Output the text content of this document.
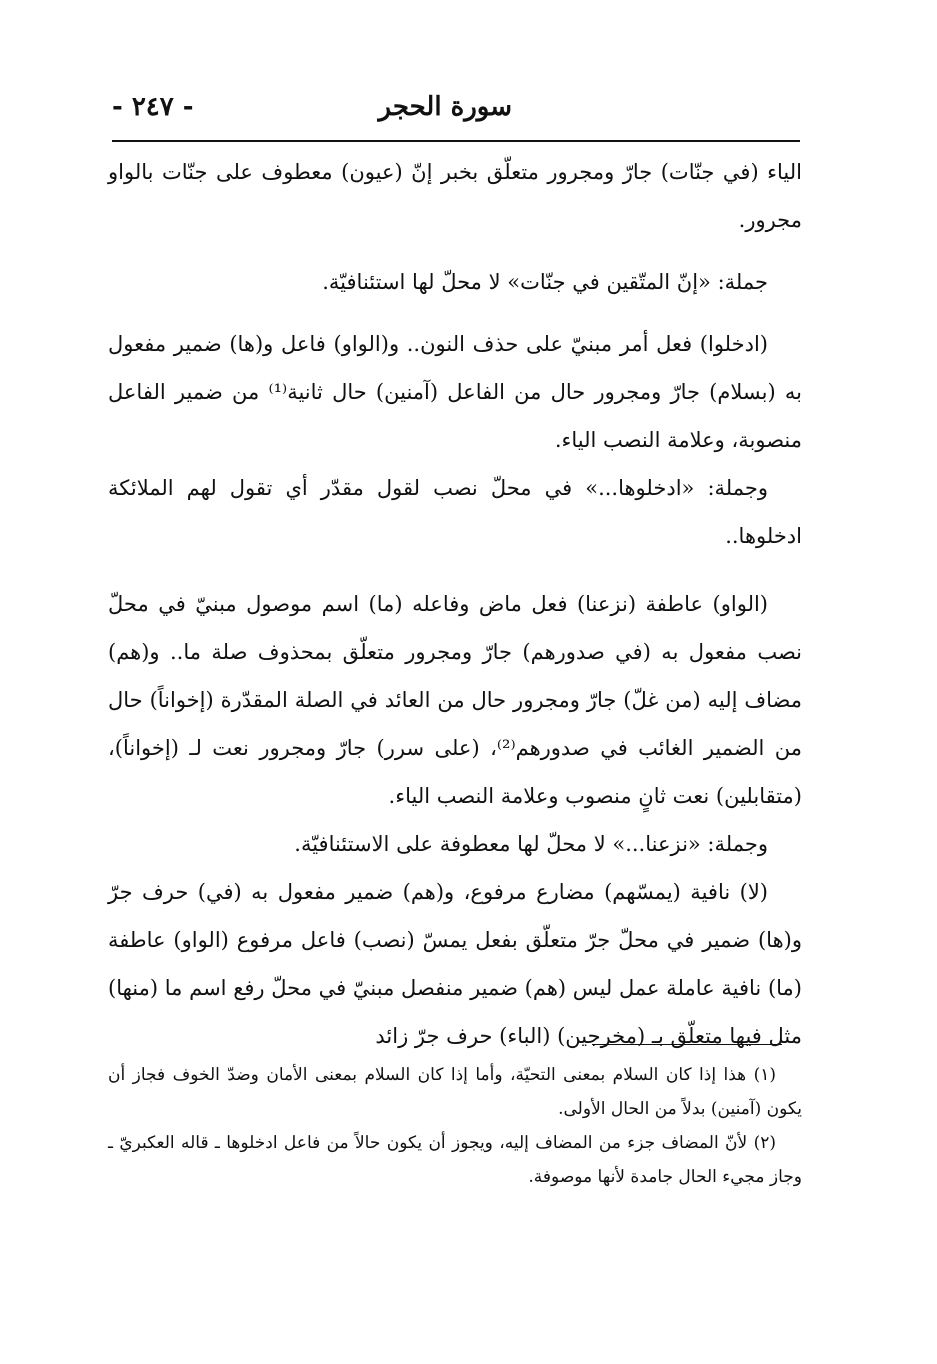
سورة الحجر
- ٢٤٧ -

الياء (في جنّات) جارّ ومجرور متعلّق بخبر إنّ (عيون) معطوف على جنّات بالواو مجرور.

جملة: «إنّ المتّقين في جنّات» لا محلّ لها استئنافيّة.

(ادخلوا) فعل أمر مبنيّ على حذف النون.. و(الواو) فاعل و(ها) ضمير مفعول به (بسلام) جارّ ومجرور حال من الفاعل (آمنين) حال ثانية⁽¹⁾ من ضمير الفاعل منصوبة، وعلامة النصب الياء.

وجملة: «ادخلوها...» في محلّ نصب لقول مقدّر أي تقول لهم الملائكة ادخلوها..

(الواو) عاطفة (نزعنا) فعل ماض وفاعله (ما) اسم موصول مبنيّ في محلّ نصب مفعول به (في صدورهم) جارّ ومجرور متعلّق بمحذوف صلة ما.. و(هم) مضاف إليه (من غلّ) جارّ ومجرور حال من العائد في الصلة المقدّرة (إخواناً) حال من الضمير الغائب في صدورهم⁽²⁾، (على سرر) جارّ ومجرور نعت لـ (إخواناً)، (متقابلين) نعت ثانٍ منصوب وعلامة النصب الياء.

وجملة: «نزعنا...» لا محلّ لها معطوفة على الاستئنافيّة.

(لا) نافية (يمسّهم) مضارع مرفوع، و(هم) ضمير مفعول به (في) حرف جرّ و(ها) ضمير في محلّ جرّ متعلّق بفعل يمسّ (نصب) فاعل مرفوع (الواو) عاطفة (ما) نافية عاملة عمل ليس (هم) ضمير منفصل مبنيّ في محلّ رفع اسم ما (منها) مثل فيها متعلّق بـ (مخرجين) (الباء) حرف جرّ زائد

(١) هذا إذا كان السلام بمعنى التحيّة، وأما إذا كان السلام بمعنى الأمان وضدّ الخوف فجاز أن يكون (آمنين) بدلاً من الحال الأولى.

(٢) لأنّ المضاف جزء من المضاف إليه، ويجوز أن يكون حالاً من فاعل ادخلوها ـ قاله العكبريّ ـ وجاز مجيء الحال جامدة لأنها موصوفة.
